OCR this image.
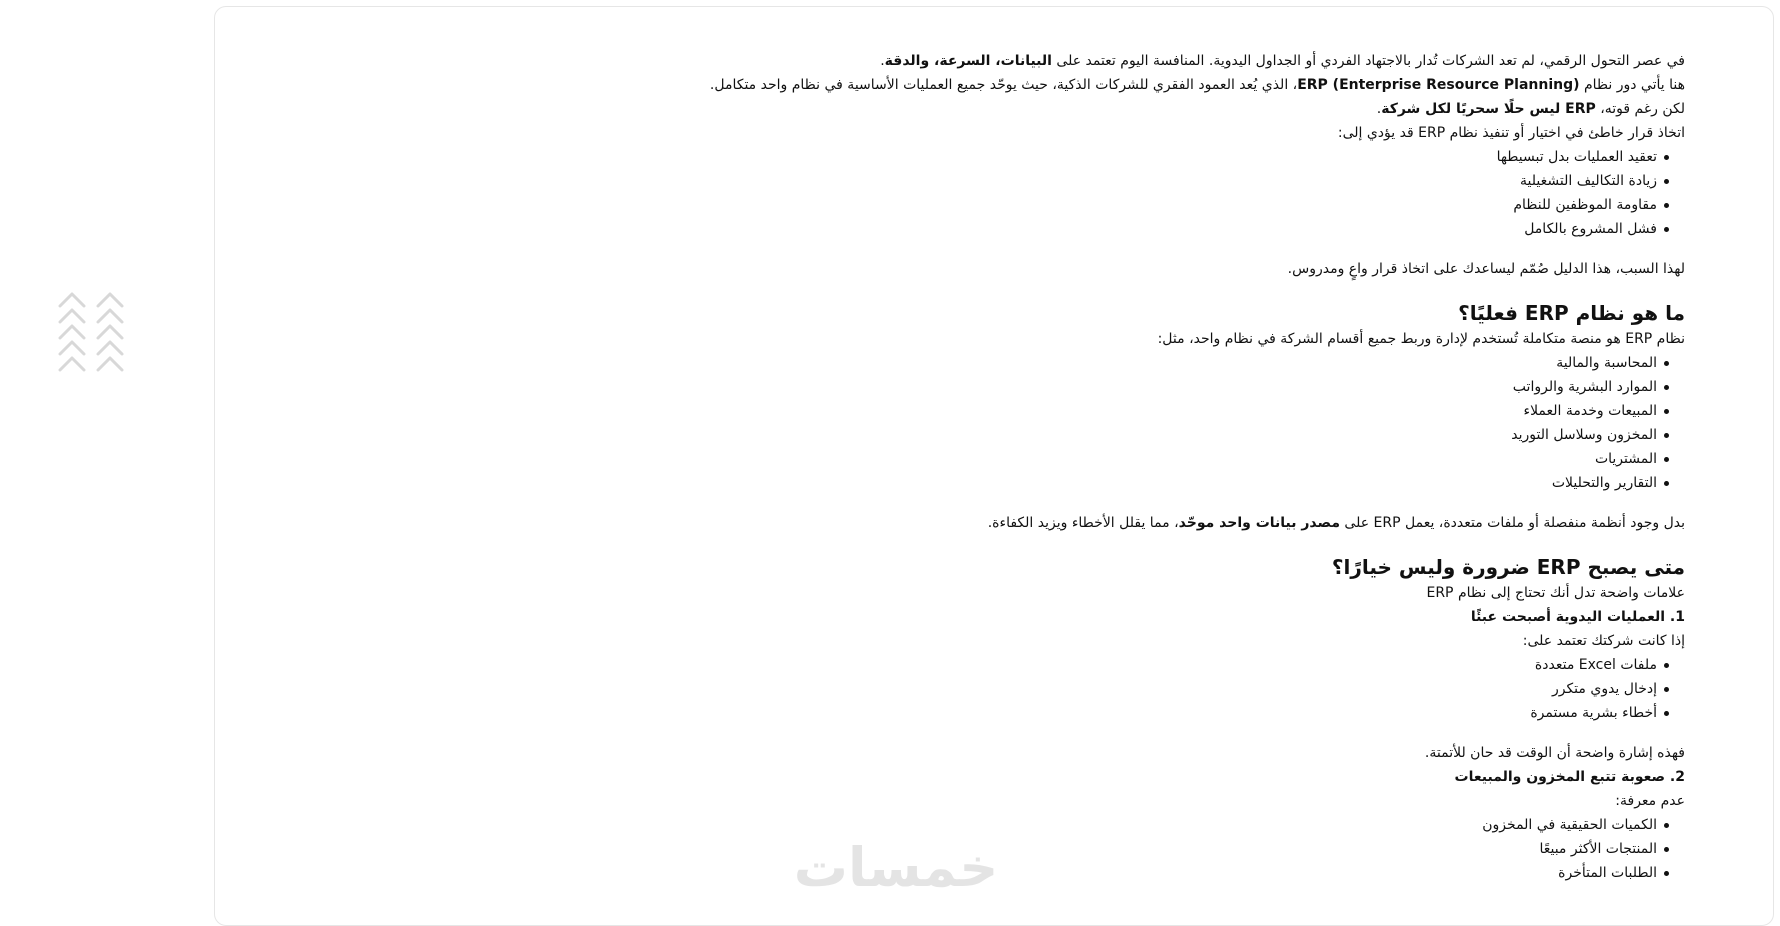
في عصر التحول الرقمي، لم تعد الشركات تُدار بالاجتهاد الفردي أو الجداول اليدوية. المنافسة اليوم تعتمد على البيانات، السرعة، والدقة.

هنا يأتي دور نظام ERP (Enterprise Resource Planning)، الذي يُعد العمود الفقري للشركات الذكية، حيث يوحّد جميع العمليات الأساسية في نظام واحد متكامل.

لكن رغم قوته، ERP ليس حلًا سحريًا لكل شركة.

اتخاذ قرار خاطئ في اختيار أو تنفيذ نظام ERP قد يؤدي إلى:

تعقيد العمليات بدل تبسيطها
زيادة التكاليف التشغيلية
مقاومة الموظفين للنظام
فشل المشروع بالكامل

لهذا السبب، هذا الدليل صُمّم ليساعدك على اتخاذ قرار واعٍ ومدروس.

ما هو نظام ERP فعليًا؟

نظام ERP هو منصة متكاملة تُستخدم لإدارة وربط جميع أقسام الشركة في نظام واحد، مثل:

المحاسبة والمالية
الموارد البشرية والرواتب
المبيعات وخدمة العملاء
المخزون وسلاسل التوريد
المشتريات
التقارير والتحليلات

بدل وجود أنظمة منفصلة أو ملفات متعددة، يعمل ERP على مصدر بيانات واحد موحّد، مما يقلل الأخطاء ويزيد الكفاءة.

متى يصبح ERP ضرورة وليس خيارًا؟

علامات واضحة تدل أنك تحتاج إلى نظام ERP

1. العمليات اليدوية أصبحت عبئًا

إذا كانت شركتك تعتمد على:

ملفات Excel متعددة
إدخال يدوي متكرر
أخطاء بشرية مستمرة

فهذه إشارة واضحة أن الوقت قد حان للأتمتة.

2. صعوبة تتبع المخزون والمبيعات

عدم معرفة:

الكميات الحقيقية في المخزون
المنتجات الأكثر مبيعًا
الطلبات المتأخرة
خمسات
